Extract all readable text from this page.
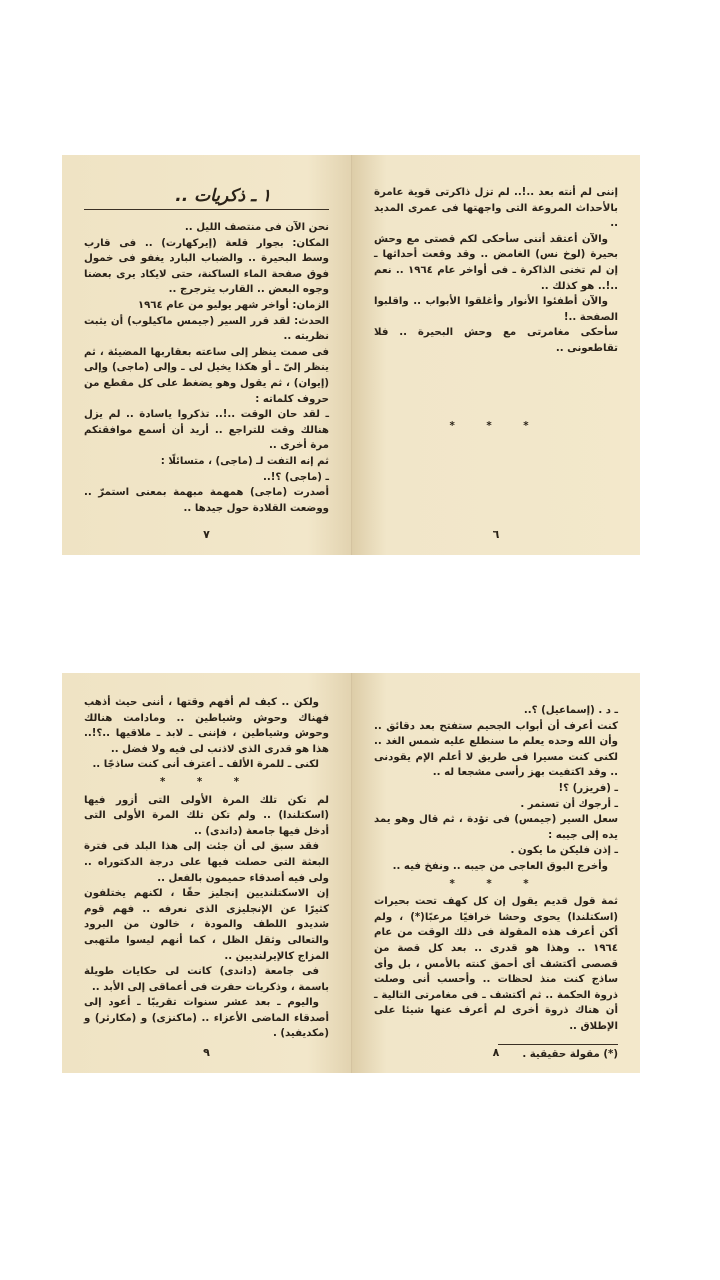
١ ـ ذكريات ..

نحن الآن فى منتصف الليل ..

المكان: بجوار قلعة (إيركهارت) .. فى قارب وسط البحيرة .. والضباب البارد يغفو فى خمول فوق صفحة الماء الساكنة، حتى لايكاد يرى بعضنا وجوه البعض .. القارب يترجرج ..

الزمان: أواخر شهر يوليو من عام ١٩٦٤

الحدث: لقد قرر السير (جيمس ماكيلوب) أن يثبت نظريته ..

فى صمت ينظر إلى ساعته بعقاربها المضيئة ، ثم ينظر إلىّ ـ أو هكذا يخيل لى ـ وإلى (ماجى) وإلى (إيوان) ، ثم يقول وهو يضغط على كل مقطع من حروف كلماته :

ـ لقد حان الوقت ..!.. تذكروا ياسادة .. لم يزل هنالك وقت للتراجع .. أريد أن أسمع موافقتكم مرة أخرى ..

ثم إنه التفت لـ (ماجى) ، متسائلًا :

ـ (ماجى) ؟!..

أصدرت (ماجى) همهمة مبهمة بمعنى استمرّ .. ووضعت القلادة حول جيدها ..

٧

إننى لم أنته بعد ..!.. لم تزل ذاكرتى قوية عامرة بالأحداث المروعة التى واجهتها فى عمرى المديد ..

والآن أعتقد أننى سأحكى لكم قصتى مع وحش بحيرة (لوخ نس) الغامض .. وقد وقعت أحداثها ـ إن لم تخنى الذاكرة ـ فى أواخر عام ١٩٦٤ .. نعم ..!.. هو كذلك ..

والآن أطفئوا الأنوار وأغلقوا الأبواب .. واقلبوا الصفحة ..!

سأحكى مغامرتى مع وحش البحيرة .. فلا تقاطعونى ..

* * *
٦

ولكن .. كيف لم أفهم وقتها ، أننى حيث أذهب فهناك وحوش وشياطين .. ومادامت هنالك وحوش وشياطين ، فإننى ـ لابد ـ ملاقيها ..؟!.. هذا هو قدرى الذى لاذنب لى فيه ولا فضل ..

لكنى ـ للمرة الألف ـ أعترف أنى كنت ساذجًا ..

* * *

لم تكن تلك المرة الأولى التى أزور فيها (اسكتلندا) .. ولم تكن تلك المرة الأولى التى أدخل فيها جامعة (داندى) ..

فقد سبق لى أن جئت إلى هذا البلد فى فترة البعثة التى حصلت فيها على درجة الدكتوراه .. ولى فيه أصدقاء حميمون بالفعل ..

إن الاسكتلنديين إنجليز حقًا ، لكنهم يختلفون كثيرًا عن الإنجليزى الذى نعرفه .. فهم قوم شديدو اللطف والمودة ، خالون من البرود والتعالى وثقل الظل ، كما أنهم ليسوا ملتهبى المزاج كالإيرلنديين ..

فى جامعة (داندى) كانت لى حكايات طويلة باسمة ، وذكريات حفرت فى أعماقى إلى الأبد ..

واليوم ـ بعد عشر سنوات تقريبًا ـ أعود إلى أصدقاء الماضى الأعزاء .. (ماكنزى) و (مكارثر) و (مكديفيد) .

٩

ـ د . (إسماعيل) ؟..

كنت أعرف أن أبواب الجحيم ستفتح بعد دقائق .. وأن الله وحده يعلم ما سنطلع عليه شمس الغد .. لكنى كنت مسيرا فى طريق لا أعلم الإم يقودنى .. وقد اكتفيت بهز رأسى مشجعا له ..

ـ (فريزر) ؟!

ـ أرجوك أن تستمر .

سعل السير (جيمس) فى تؤدة ، ثم قال وهو يمد يده إلى جيبه :

ـ إذن فليكن ما يكون .

وأخرج البوق العاجى من جيبه .. ونفخ فيه ..

* * *

ثمة قول قديم يقول إن كل كهف تحت بحيرات (اسكتلندا) يحوى وحشا خرافيًا مرعبًا(*) ، ولم أكن أعرف هذه المقولة فى ذلك الوقت من عام ١٩٦٤ .. وهذا هو قدرى .. بعد كل قصة من قصصى أكتشف أى أحمق كنته بالأمس ، بل وأى ساذج كنت منذ لحظات .. وأحسب أنى وصلت ذروة الحكمة .. ثم أكتشف ـ فى مغامرتى التالية ـ أن هناك ذروة أخرى لم أعرف عنها شيئا على الإطلاق ..

(*) مقولة حقيقية .
٨
